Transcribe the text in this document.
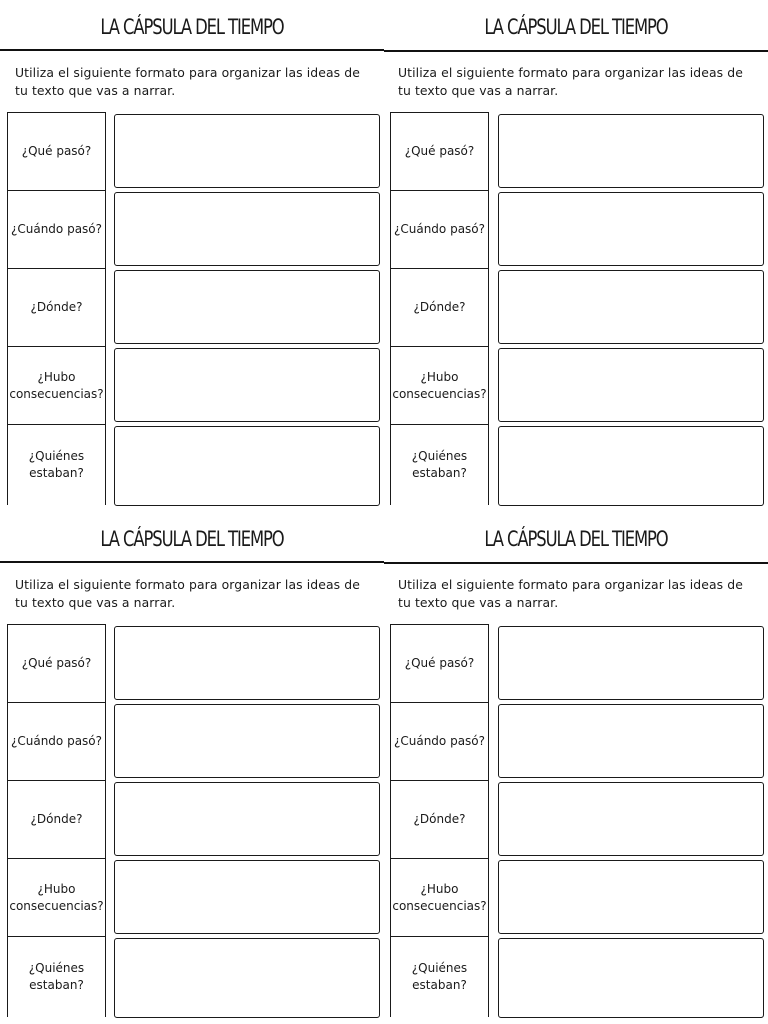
LA CÁPSULA DEL TIEMPO
Utiliza el siguiente formato para organizar las ideas de tu texto que vas a narrar.
¿Qué pasó?
¿Cuándo pasó?
¿Dónde?
¿Hubo consecuencias?
¿Quiénes estaban?
LA CÁPSULA DEL TIEMPO
Utiliza el siguiente formato para organizar las ideas de tu texto que vas a narrar.
¿Qué pasó?
¿Cuándo pasó?
¿Dónde?
¿Hubo consecuencias?
¿Quiénes estaban?
LA CÁPSULA DEL TIEMPO
Utiliza el siguiente formato para organizar las ideas de tu texto que vas a narrar.
¿Qué pasó?
¿Cuándo pasó?
¿Dónde?
¿Hubo consecuencias?
¿Quiénes estaban?
LA CÁPSULA DEL TIEMPO
Utiliza el siguiente formato para organizar las ideas de tu texto que vas a narrar.
¿Qué pasó?
¿Cuándo pasó?
¿Dónde?
¿Hubo consecuencias?
¿Quiénes estaban?
